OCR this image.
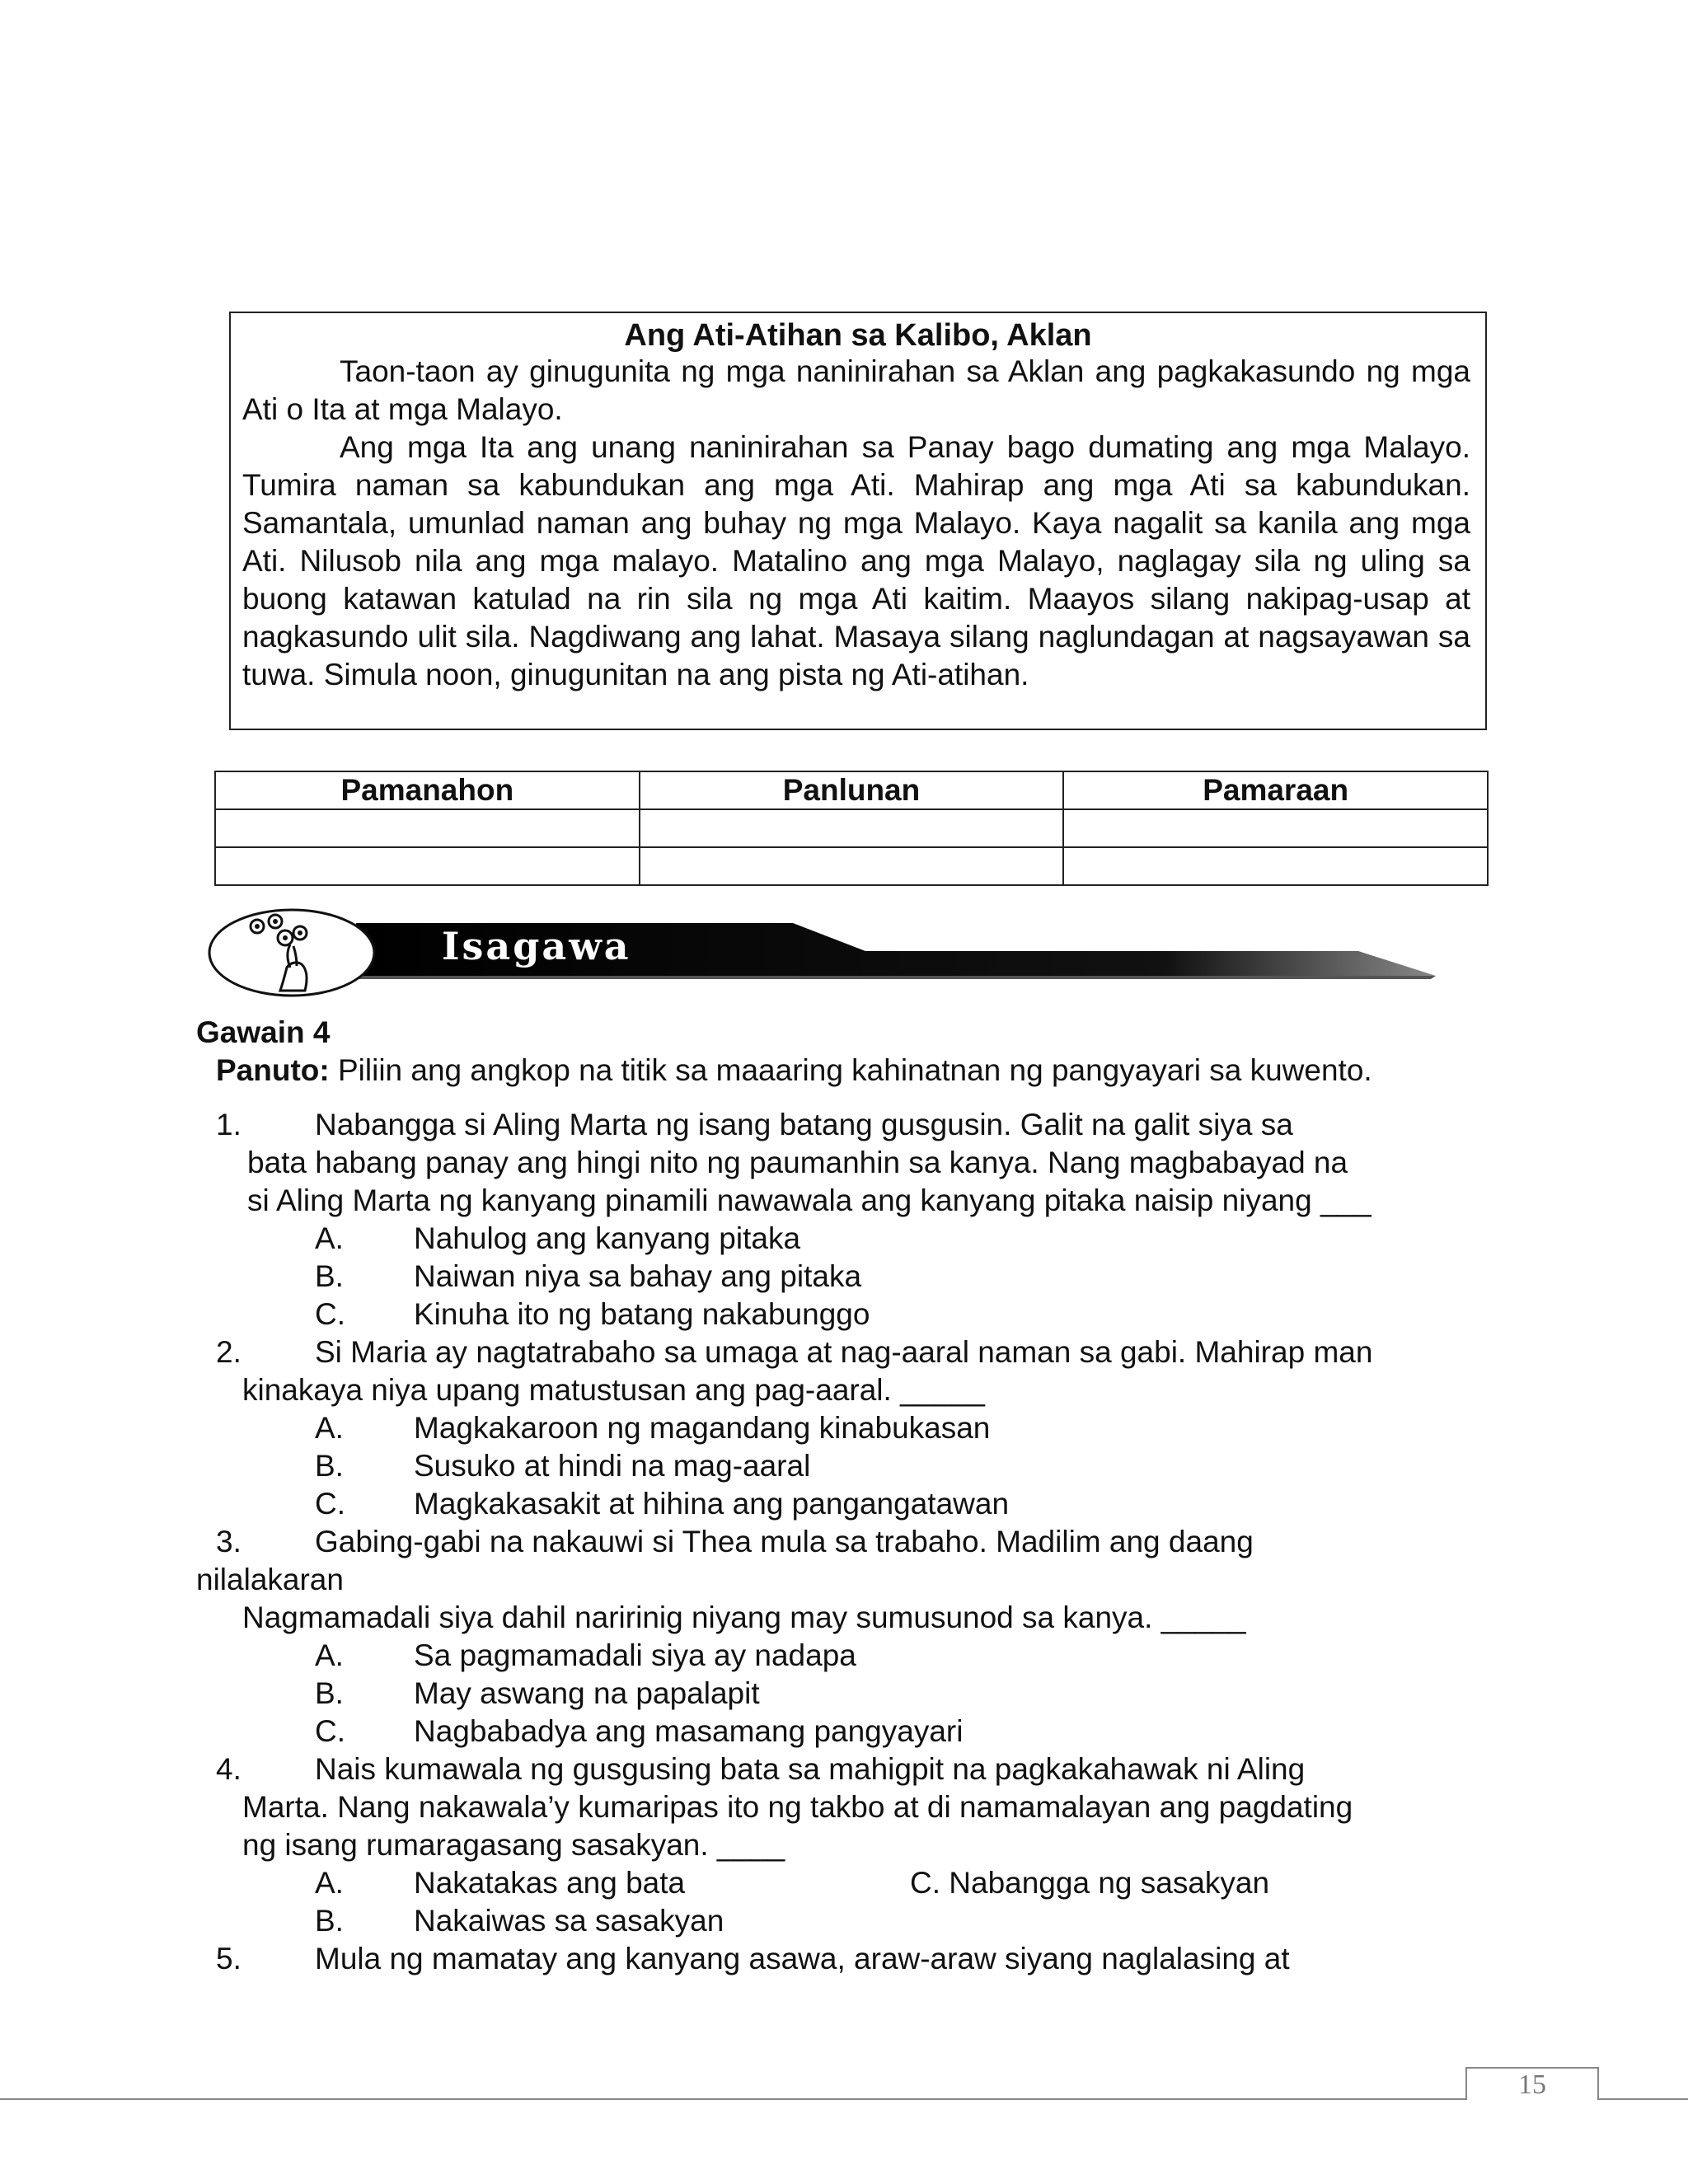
Ang Ati-Atihan sa Kalibo, Aklan
Taon-taon ay ginugunita ng mga naninirahan sa Aklan ang pagkakasundo ng mga Ati o Ita at mga Malayo.
Ang mga Ita ang unang naninirahan sa Panay bago dumating ang mga Malayo. Tumira naman sa kabundukan ang mga Ati. Mahirap ang mga Ati sa kabundukan. Samantala, umunlad naman ang buhay ng mga Malayo. Kaya nagalit sa kanila ang mga Ati. Nilusob nila ang mga malayo. Matalino ang mga Malayo, naglagay sila ng uling sa buong katawan katulad na rin sila ng mga Ati kaitim. Maayos silang nakipag-usap at nagkasundo ulit sila. Nagdiwang ang lahat. Masaya silang naglundagan at nagsayawan sa tuwa. Simula noon, ginugunitan na ang pista ng Ati-atihan.
Pamanahon	Panlunan	Pamaraan

Isagawa
Gawain 4
Panuto: Piliin ang angkop na titik sa maaaring kahinatnan ng pangyayari sa kuwento.
1. Nabangga si Aling Marta ng isang batang gusgusin. Galit na galit siya sa
bata habang panay ang hingi nito ng paumanhin sa kanya. Nang magbabayad na
si Aling Marta ng kanyang pinamili nawawala ang kanyang pitaka naisip niyang ___
A. Nahulog ang kanyang pitaka
B. Naiwan niya sa bahay ang pitaka
C. Kinuha ito ng batang nakabunggo
2. Si Maria ay nagtatrabaho sa umaga at nag-aaral naman sa gabi. Mahirap man
kinakaya niya upang matustusan ang pag-aaral. _____
A. Magkakaroon ng magandang kinabukasan
B. Susuko at hindi na mag-aaral
C. Magkakasakit at hihina ang pangangatawan
3. Gabing-gabi na nakauwi si Thea mula sa trabaho. Madilim ang daang
nilalakaran
Nagmamadali siya dahil naririnig niyang may sumusunod sa kanya. _____
A. Sa pagmamadali siya ay nadapa
B. May aswang na papalapit
C. Nagbabadya ang masamang pangyayari
4. Nais kumawala ng gusgusing bata sa mahigpit na pagkakahawak ni Aling
Marta. Nang nakawala’y kumaripas ito ng takbo at di namamalayan ang pagdating
ng isang rumaragasang sasakyan. ____
A. Nakatakas ang bata	C. Nabangga ng sasakyan
B. Nakaiwas sa sasakyan
5. Mula ng mamatay ang kanyang asawa, araw-araw siyang naglalasing at
15
